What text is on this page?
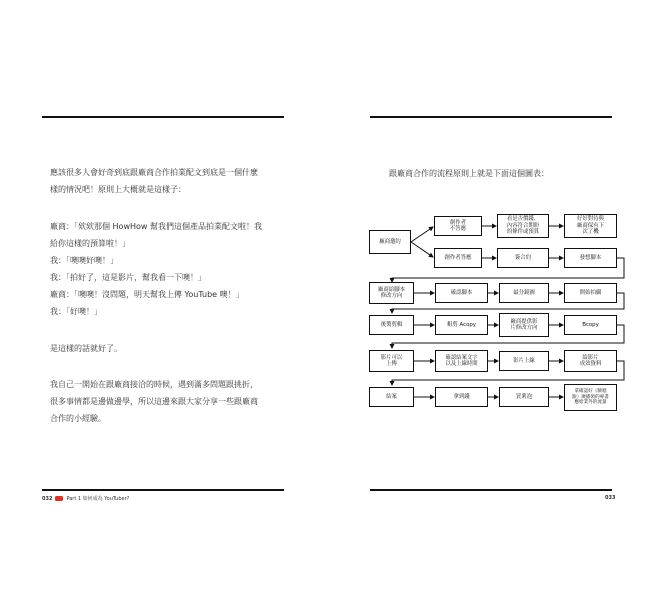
應該很多人會好奇到底跟廠商合作拍業配文到底是一個什麼
樣的情況吧！原則上大概就是這樣子：
廠商：「欸欸那個 HowHow 幫我們這個產品拍業配文啦！我
給你這樣的預算啦！」
我：「噢噢好噢！」
我：「拍好了，這是影片，幫我看一下噢！」
廠商：「噢噢！沒問題，明天幫我上傳 YouTube 噢！」
我：「好噢！」
是這樣的話就好了。
我自己一開始在跟廠商接洽的時候，遇到滿多問題跟挑折，
很多事情都是邊做邊學，所以這邊來跟大家分享一些跟廠商
合作的小經驗。
032	Part 1 如何成為 YouTuber?
跟廠商合作的流程原則上就是下面這個圖表：
廠商邀約
創作者
不答應
看是否價錢、
內容符合期盼
的條件或預算
好好對待與
廠商保有下
次了機
創作者答應	簽合約	發想腳本
廠商給腳本
修改方向
確認腳本	最分鏡圖	開始拍攝
後製剪輯	粗剪 Acopy
廠商提供影
片修改方向
Bcopy
影片可以
上傳
確認結案文字
以及上線時間
影片上線
給影片
成效資料
結案	拿到錢	買薯泡
拿確認好（臉噁
跟）廣播領的專書
應給業外的流量
033
